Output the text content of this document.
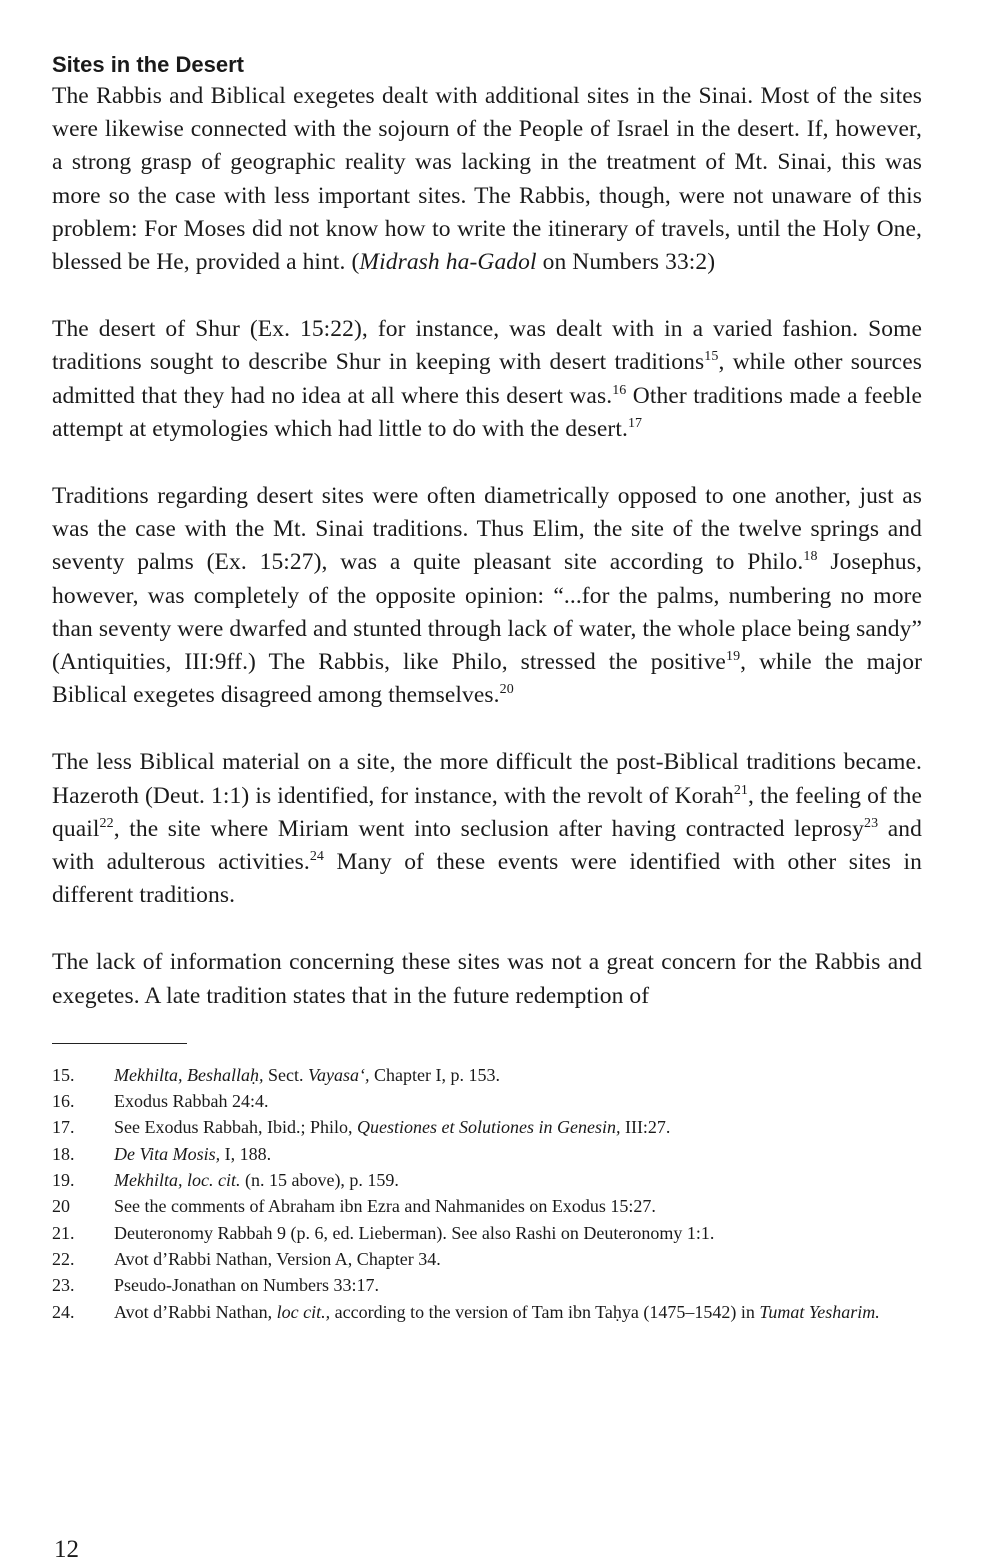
Sites in the Desert

The Rabbis and Biblical exegetes dealt with additional sites in the Sinai. Most of the sites were likewise connected with the sojourn of the People of Israel in the desert. If, however, a strong grasp of geographic reality was lacking in the treatment of Mt. Sinai, this was more so the case with less important sites. The Rabbis, though, were not unaware of this problem: For Moses did not know how to write the itinerary of travels, until the Holy One, blessed be He, provided a hint. (Midrash ha-Gadol on Numbers 33:2)

The desert of Shur (Ex. 15:22), for instance, was dealt with in a varied fashion. Some traditions sought to describe Shur in keeping with desert traditions$^{15}$, while other sources admitted that they had no idea at all where this desert was.$^{16}$ Other traditions made a feeble attempt at etymologies which had little to do with the desert.$^{17}$

Traditions regarding desert sites were often diametrically opposed to one another, just as was the case with the Mt. Sinai traditions. Thus Elim, the site of the twelve springs and seventy palms (Ex. 15:27), was a quite pleasant site according to Philo.$^{18}$ Josephus, however, was completely of the opposite opinion: “...for the palms, numbering no more than seventy were dwarfed and stunted through lack of water, the whole place being sandy” (Antiquities, III:9ff.) The Rabbis, like Philo, stressed the positive$^{19}$, while the major Biblical exegetes disagreed among themselves.$^{20}$

The less Biblical material on a site, the more difficult the post-Biblical traditions became. Hazeroth (Deut. 1:1) is identified, for instance, with the revolt of Korah$^{21}$, the feeling of the quail$^{22}$, the site where Miriam went into seclusion after having contracted leprosy$^{23}$ and with adulterous activities.$^{24}$ Many of these events were identified with other sites in different traditions.

The lack of information concerning these sites was not a great concern for the Rabbis and exegetes. A late tradition states that in the future redemption of

15.	Mekhilta, Beshallaḥ, Sect. Vayasa‘, Chapter I, p. 153.
16.	Exodus Rabbah 24:4.
17.	See Exodus Rabbah, Ibid.; Philo, Questiones et Solutiones in Genesin, III:27.
18.	De Vita Mosis, I, 188.
19.	Mekhilta, loc. cit. (n. 15 above), p. 159.
20	See the comments of Abraham ibn Ezra and Nahmanides on Exodus 15:27.
21.	Deuteronomy Rabbah 9 (p. 6, ed. Lieberman). See also Rashi on Deuteronomy 1:1.
22.	Avot d’Rabbi Nathan, Version A, Chapter 34.
23.	Pseudo-Jonathan on Numbers 33:17.
24. Avot d’Rabbi Nathan, loc cit., according to the version of Tam ibn Taḥya (1475–1542) in Tumat Yesharim.

12
